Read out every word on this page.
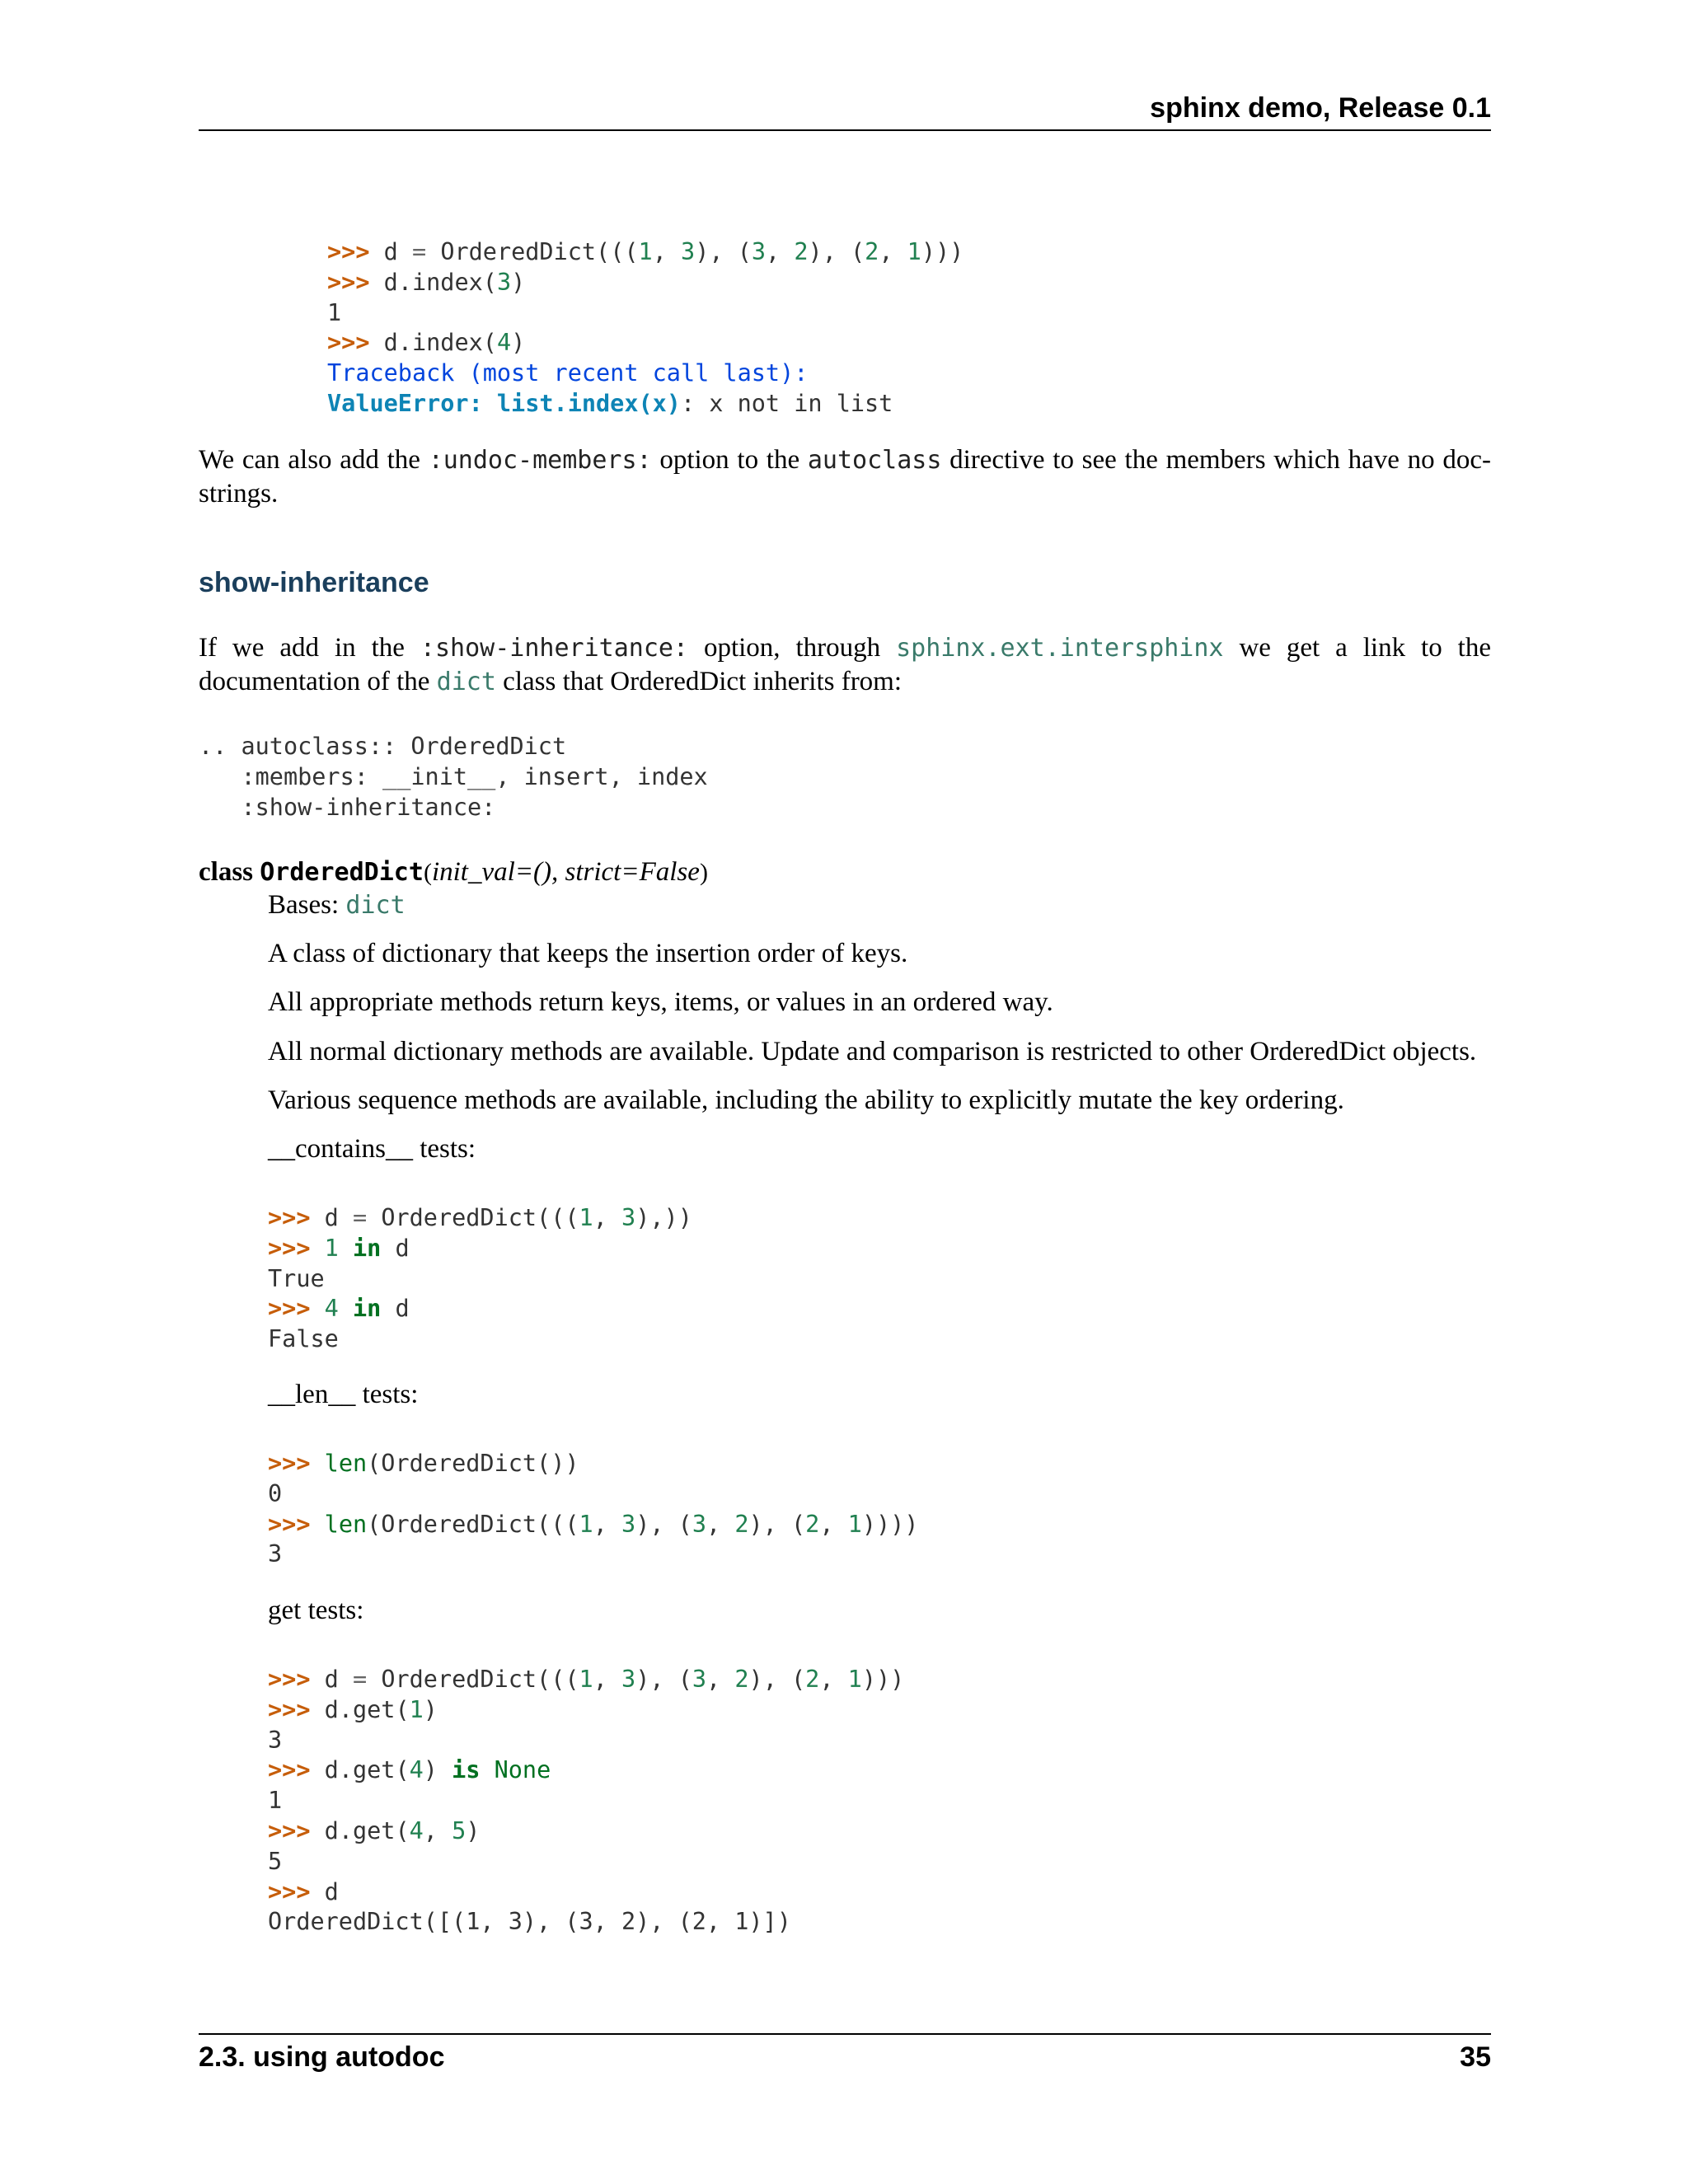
sphinx demo, Release 0.1
>>> d = OrderedDict(((1, 3), (3, 2), (2, 1)))
>>> d.index(3)
1
>>> d.index(4)
Traceback (most recent call last):
ValueError: list.index(x): x not in list

We can also add the :undoc-members: option to the autoclass directive to see the members which have no doc-strings.

show-inheritance

If we add in the :show-inheritance: option, through sphinx.ext.intersphinx we get a link to the documentation of the dict class that OrderedDict inherits from:

.. autoclass:: OrderedDict
:members: __init__, insert, index
:show-inheritance:
class OrderedDict(init_val=(), strict=False)

Bases: dict

A class of dictionary that keeps the insertion order of keys.

All appropriate methods return keys, items, or values in an ordered way.

All normal dictionary methods are available. Update and comparison is restricted to other OrderedDict objects.

Various sequence methods are available, including the ability to explicitly mutate the key ordering.

__contains__ tests:

>>> d = OrderedDict(((1, 3),))
>>> 1 in d
True
>>> 4 in d
False

__len__ tests:

>>> len(OrderedDict())
0
>>> len(OrderedDict(((1, 3), (3, 2), (2, 1))))
3

get tests:

>>> d = OrderedDict(((1, 3), (3, 2), (2, 1)))
>>> d.get(1)
3
>>> d.get(4) is None
1
>>> d.get(4, 5)
5
>>> d
OrderedDict([(1, 3), (3, 2), (2, 1)])
2.3. using autodoc	35
